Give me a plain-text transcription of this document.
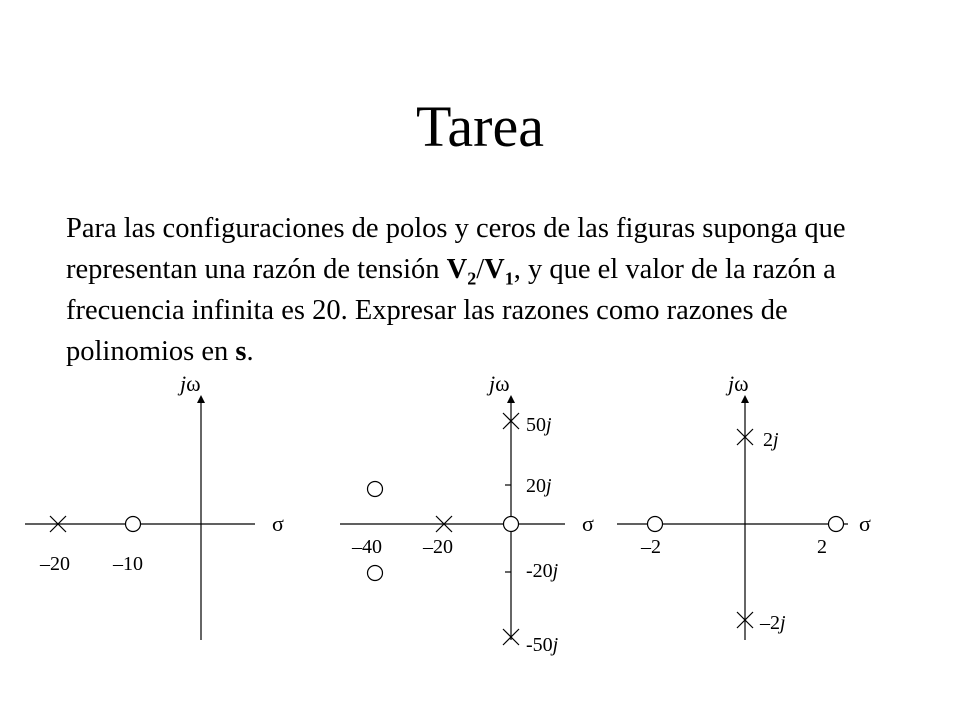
Tarea
Para las configuraciones de polos y ceros de las figuras suponga que representan una razón de tensión $V_2/V_1$, y que el valor de la razón a frecuencia infinita es 20. Expresar las razones como razones de polinomios en s.
jω
σ
–20 –10
jω
σ
50j
20j
-20j
-50j
–40 –20
jω
σ
2j
–2j
–2	2
